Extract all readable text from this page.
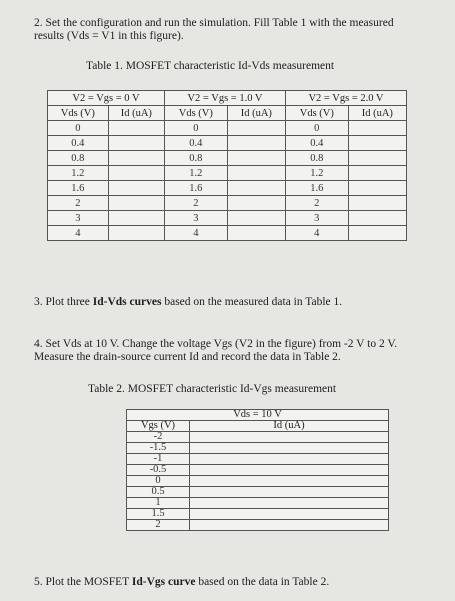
2. Set the configuration and run the simulation. Fill Table 1 with the measured results (Vds = V1 in this figure).

Table 1. MOSFET characteristic Id-Vds measurement
V2 = Vgs = 0 V		V2 = Vgs = 1.0 V		V2 = Vgs = 2.0 V	
Vds (V)	Id (uA)	Vds (V)	Id (uA)	Vds (V)	Id (uA)
0		0		0	
0.4		0.4		0.4	
0.8		0.8		0.8	
1.2		1.2		1.2	
1.6		1.6		1.6	
2		2		2	
3		3		3	
4		4		4	

3. Plot three Id-Vds curves based on the measured data in Table 1.

4. Set Vds at 10 V. Change the voltage Vgs (V2 in the figure) from -2 V to 2 V. Measure the drain-source current Id and record the data in Table 2.

Table 2. MOSFET characteristic Id-Vgs measurement
Vds = 10 V	
Vgs (V)	Id (uA)
-2	
-1.5	
-1	
-0.5	
0	
0.5	
1	
1.5	
2	

5. Plot the MOSFET Id-Vgs curve based on the data in Table 2.
